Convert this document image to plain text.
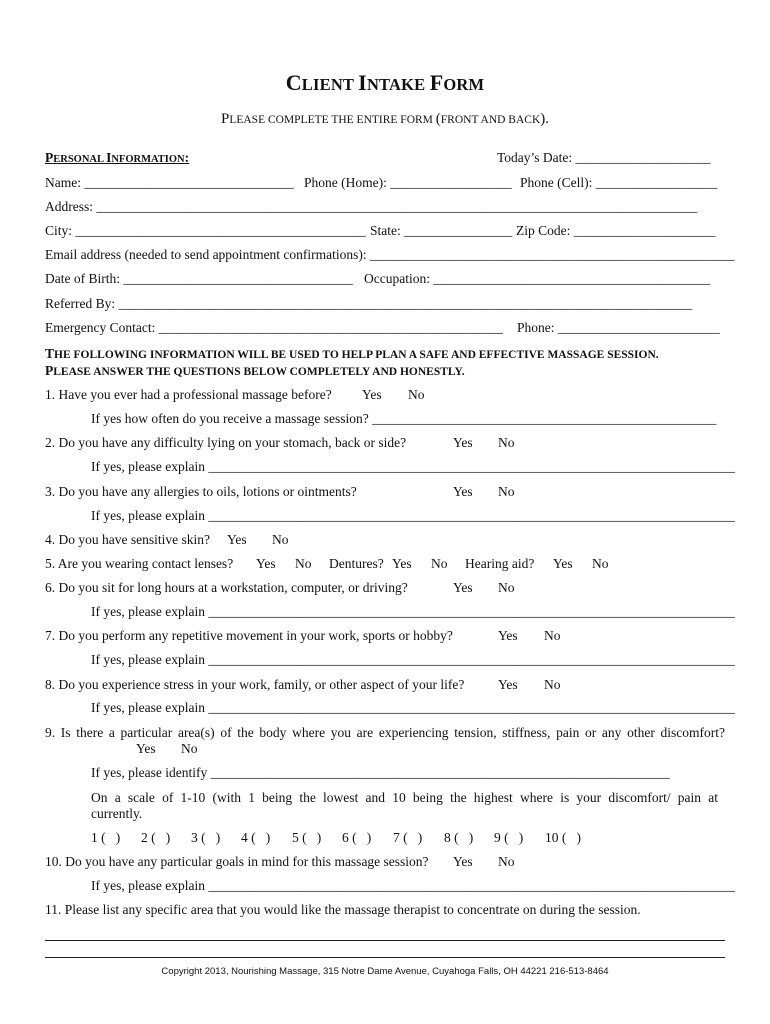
CLIENT INTAKE FORM
PLEASE COMPLETE THE ENTIRE FORM (FRONT AND BACK).
PERSONAL INFORMATION:	Today’s Date: ____________________
Name: _______________________________ Phone (Home): __________________ Phone (Cell): __________________
Address: _________________________________________________________________________________________
City: ___________________________________________ State: ________________ Zip Code: _____________________
Email address (needed to send appointment confirmations): ______________________________________________________
Date of Birth: __________________________________ Occupation: _________________________________________
Referred By: _____________________________________________________________________________________
Emergency Contact: ___________________________________________________ Phone: ________________________
THE FOLLOWING INFORMATION WILL BE USED TO HELP PLAN A SAFE AND EFFECTIVE MASSAGE SESSION.
PLEASE ANSWER THE QUESTIONS BELOW COMPLETELY AND HONESTLY.
1. Have you ever had a professional massage before? Yes No
If yes how often do you receive a massage session? ___________________________________________________
2. Do you have any difficulty lying on your stomach, back or side?	Yes No
If yes, please explain ______________________________________________________________________________
3. Do you have any allergies to oils, lotions or ointments?	Yes No
If yes, please explain ______________________________________________________________________________
4. Do you have sensitive skin? Yes No
5. Are you wearing contact lenses? Yes No Dentures? Yes No Hearing aid? Yes No
6. Do you sit for long hours at a workstation, computer, or driving?	Yes No
If yes, please explain ______________________________________________________________________________
7. Do you perform any repetitive movement in your work, sports or hobby?	Yes No
If yes, please explain ______________________________________________________________________________
8. Do you experience stress in your work, family, or other aspect of your life? Yes No
If yes, please explain ______________________________________________________________________________
9. Is there a particular area(s) of the body where you are experiencing tension, stiffness, pain or any other discomfort?
Yes No
If yes, please identify ____________________________________________________________________
On a scale of 1-10 (with 1 being the lowest and 10 being the highest where is your discomfort/ pain at
currently.
1 (   ) 2 (   ) 3 (   ) 4 (   ) 5 (   ) 6 (   ) 7 (   ) 8 (   ) 9 (   ) 10 (   )
10. Do you have any particular goals in mind for this massage session? Yes No
If yes, please explain ______________________________________________________________________________
11. Please list any specific area that you would like the massage therapist to concentrate on during the session.
Copyright 2013, Nourishing Massage, 315 Notre Dame Avenue, Cuyahoga Falls, OH 44221 216-513-8464
